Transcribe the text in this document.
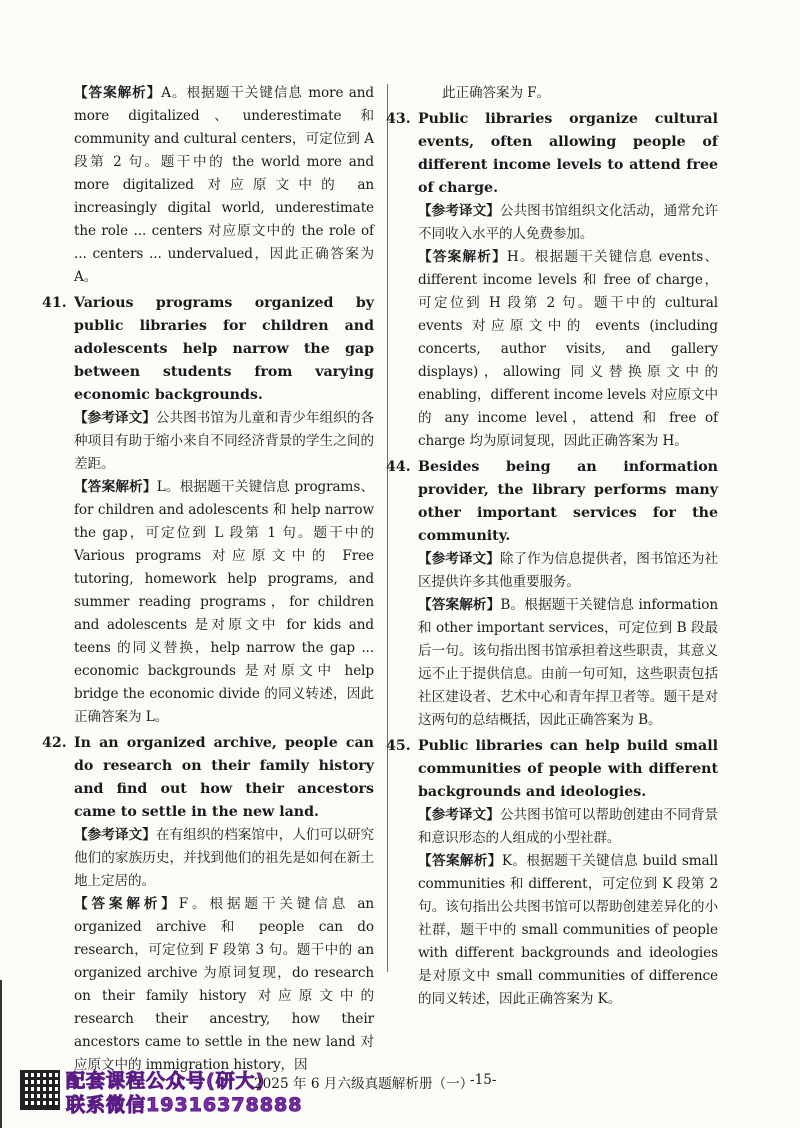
【答案解析】A。根据题干关键信息 more and more digitalized、underestimate 和 community and cultural centers，可定位到 A 段第 2 句。题干中的 the world more and more digitalized 对应原文中的 an increasingly digital world, underestimate the role ... centers 对应原文中的 the role of ... centers ... undervalued，因此正确答案为 A。

41. Various programs organized by public libraries for children and adolescents help narrow the gap between students from varying economic backgrounds.

【参考译文】公共图书馆为儿童和青少年组织的各种项目有助于缩小来自不同经济背景的学生之间的差距。

【答案解析】L。根据题干关键信息 programs、for children and adolescents 和 help narrow the gap，可定位到 L 段第 1 句。题干中的 Various programs 对应原文中的 Free tutoring, homework help programs, and summer reading programs，for children and adolescents 是对原文中 for kids and teens 的同义替换，help narrow the gap ... economic backgrounds 是对原文中 help bridge the economic divide 的同义转述，因此正确答案为 L。

42. In an organized archive, people can do research on their family history and find out how their ancestors came to settle in the new land.

【参考译文】在有组织的档案馆中，人们可以研究他们的家族历史，并找到他们的祖先是如何在新土地上定居的。

【答案解析】F。根据题干关键信息 an organized archive 和 people can do research，可定位到 F 段第 3 句。题干中的 an organized archive 为原词复现，do research on their family history 对应原文中的 research their ancestry, how their ancestors came to settle in the new land 对应原文中的 immigration history，因

此正确答案为 F。

43. Public libraries organize cultural events, often allowing people of different income levels to attend free of charge.

【参考译文】公共图书馆组织文化活动，通常允许不同收入水平的人免费参加。

【答案解析】H。根据题干关键信息 events、different income levels 和 free of charge，可定位到 H 段第 2 句。题干中的 cultural events 对应原文中的 events (including concerts, author visits, and gallery displays)，allowing 同义替换原文中的 enabling，different income levels 对应原文中的 any income level，attend 和 free of charge 均为原词复现，因此正确答案为 H。

44. Besides being an information provider, the library performs many other important services for the community.

【参考译文】除了作为信息提供者，图书馆还为社区提供许多其他重要服务。

【答案解析】B。根据题干关键信息 information 和 other important services，可定位到 B 段最后一句。该句指出图书馆承担着这些职责，其意义远不止于提供信息。由前一句可知，这些职责包括社区建设者、艺术中心和青年捍卫者等。题干是对这两句的总结概括，因此正确答案为 B。

45. Public libraries can help build small communities of people with different backgrounds and ideologies.

【参考译文】公共图书馆可以帮助创建由不同背景和意识形态的人组成的小型社群。

【答案解析】K。根据题干关键信息 build small communities 和 different，可定位到 K 段第 2 句。该句指出公共图书馆可以帮助创建差异化的小社群，题干中的 small communities of people with different backgrounds and ideologies 是对原文中 small communities of difference 的同义转述，因此正确答案为 K。

配套课程公众号(研大)
联系微信19316378888
2025 年 6 月六级真题解析册（一）
-15-
